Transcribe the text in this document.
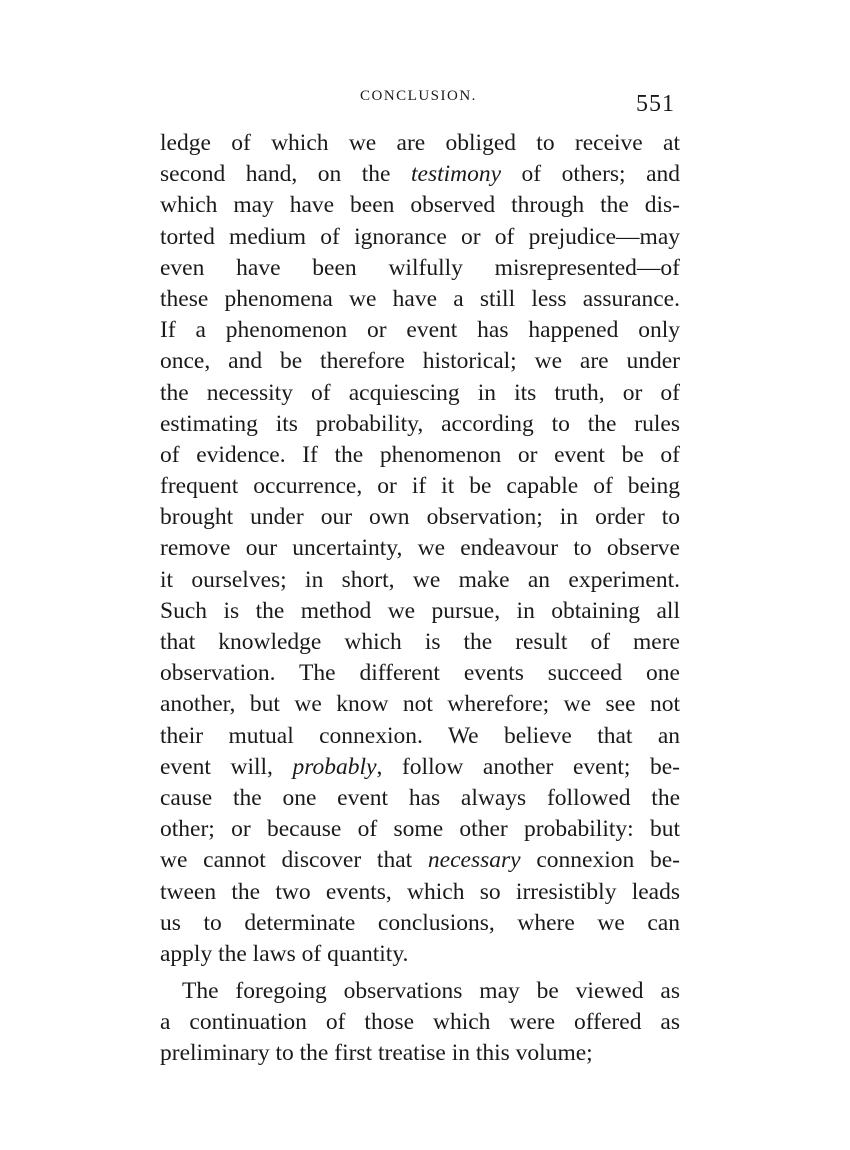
CONCLUSION.	551
ledge of which we are obliged to receive at
second hand, on the testimony of others; and
which may have been observed through the dis-
torted medium of ignorance or of prejudice—may
even have been wilfully misrepresented—of
these phenomena we have a still less assurance.
If a phenomenon or event has happened only
once, and be therefore historical; we are under
the necessity of acquiescing in its truth, or of
estimating its probability, according to the rules
of evidence. If the phenomenon or event be of
frequent occurrence, or if it be capable of being
brought under our own observation; in order to
remove our uncertainty, we endeavour to observe
it ourselves; in short, we make an experiment.
Such is the method we pursue, in obtaining all
that knowledge which is the result of mere
observation. The different events succeed one
another, but we know not wherefore; we see not
their mutual connexion. We believe that an
event will, probably, follow another event; be-
cause the one event has always followed the
other; or because of some other probability: but
we cannot discover that necessary connexion be-
tween the two events, which so irresistibly leads
us to determinate conclusions, where we can
apply the laws of quantity.
The foregoing observations may be viewed as
a continuation of those which were offered as
preliminary to the first treatise in this volume;
